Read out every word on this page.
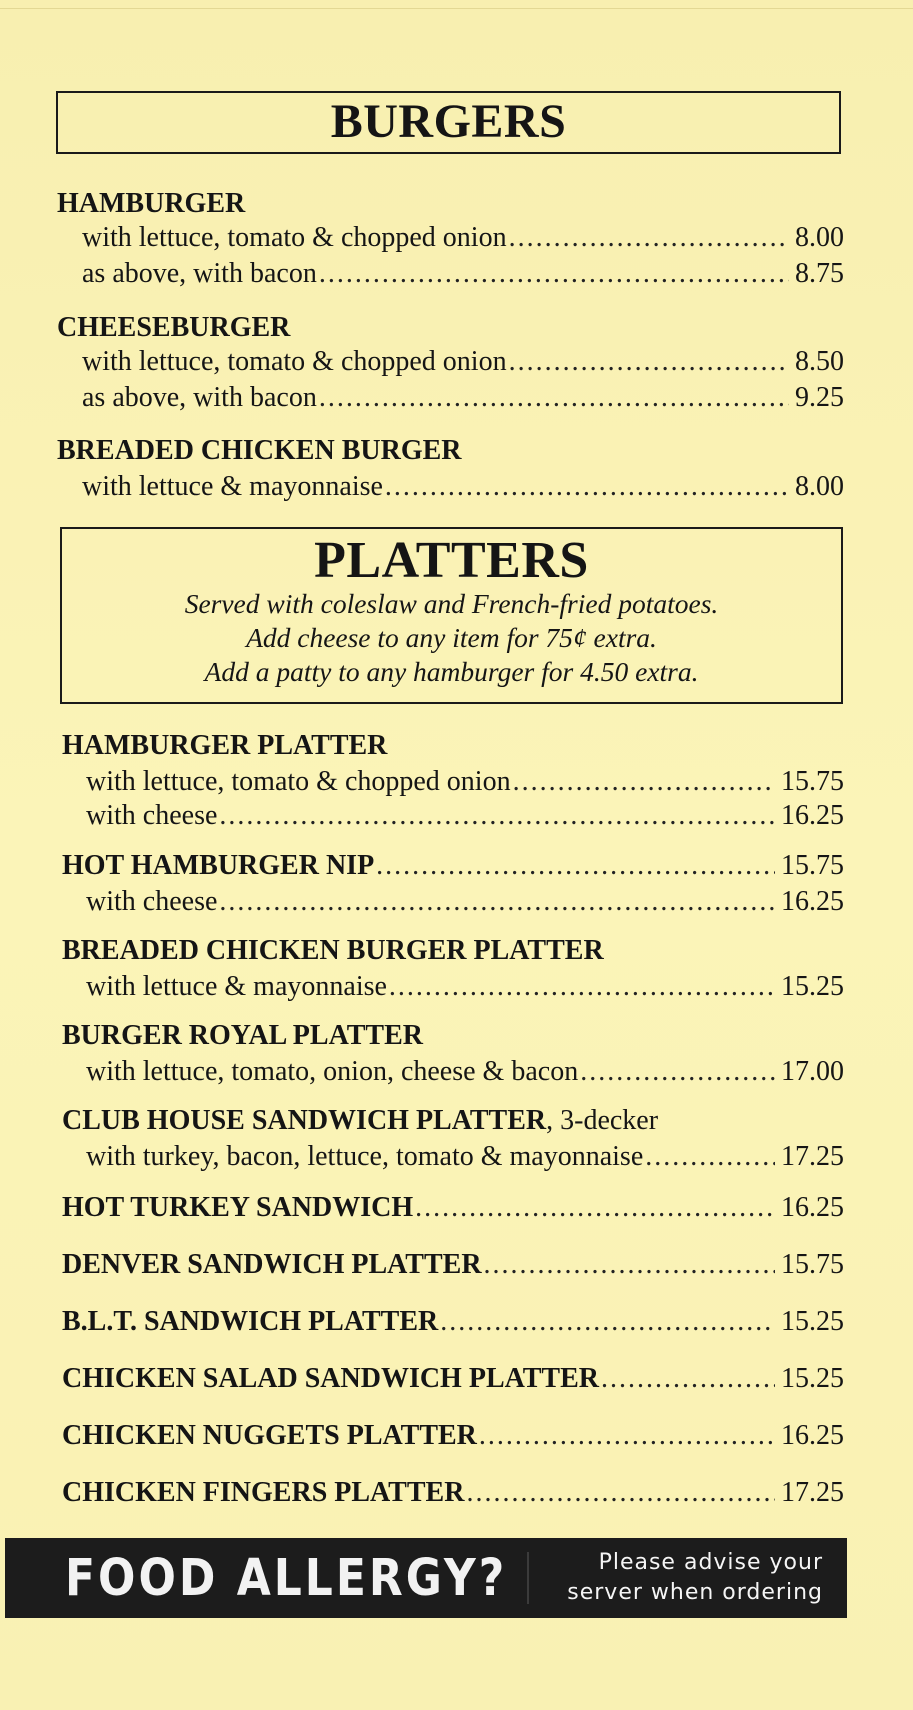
BURGERS
HAMBURGER
with lettuce, tomato & chopped onion .....	8.00
as above, with bacon .....	8.75
CHEESEBURGER
with lettuce, tomato & chopped onion .....	8.50
as above, with bacon .....	9.25
BREADED CHICKEN BURGER
with lettuce & mayonnaise .....	8.00
PLATTERS
Served with coleslaw and French-fried potatoes.
Add cheese to any item for 75¢ extra.
Add a patty to any hamburger for 4.50 extra.
HAMBURGER PLATTER
with lettuce, tomato & chopped onion .....	15.75
with cheese .....	16.25
HOT HAMBURGER NIP .....	15.75
with cheese .....	16.25
BREADED CHICKEN BURGER PLATTER
with lettuce & mayonnaise .....	15.25
BURGER ROYAL PLATTER
with lettuce, tomato, onion, cheese & bacon .....	17.00
CLUB HOUSE SANDWICH PLATTER, 3-decker
with turkey, bacon, lettuce, tomato & mayonnaise .....	17.25
HOT TURKEY SANDWICH .....	16.25
DENVER SANDWICH PLATTER .....	15.75
B.L.T. SANDWICH PLATTER .....	15.25
CHICKEN SALAD SANDWICH PLATTER .....	15.25
CHICKEN NUGGETS PLATTER .....	16.25
CHICKEN FINGERS PLATTER .....	17.25
FOOD ALLERGY?	Please advise your
server when ordering
